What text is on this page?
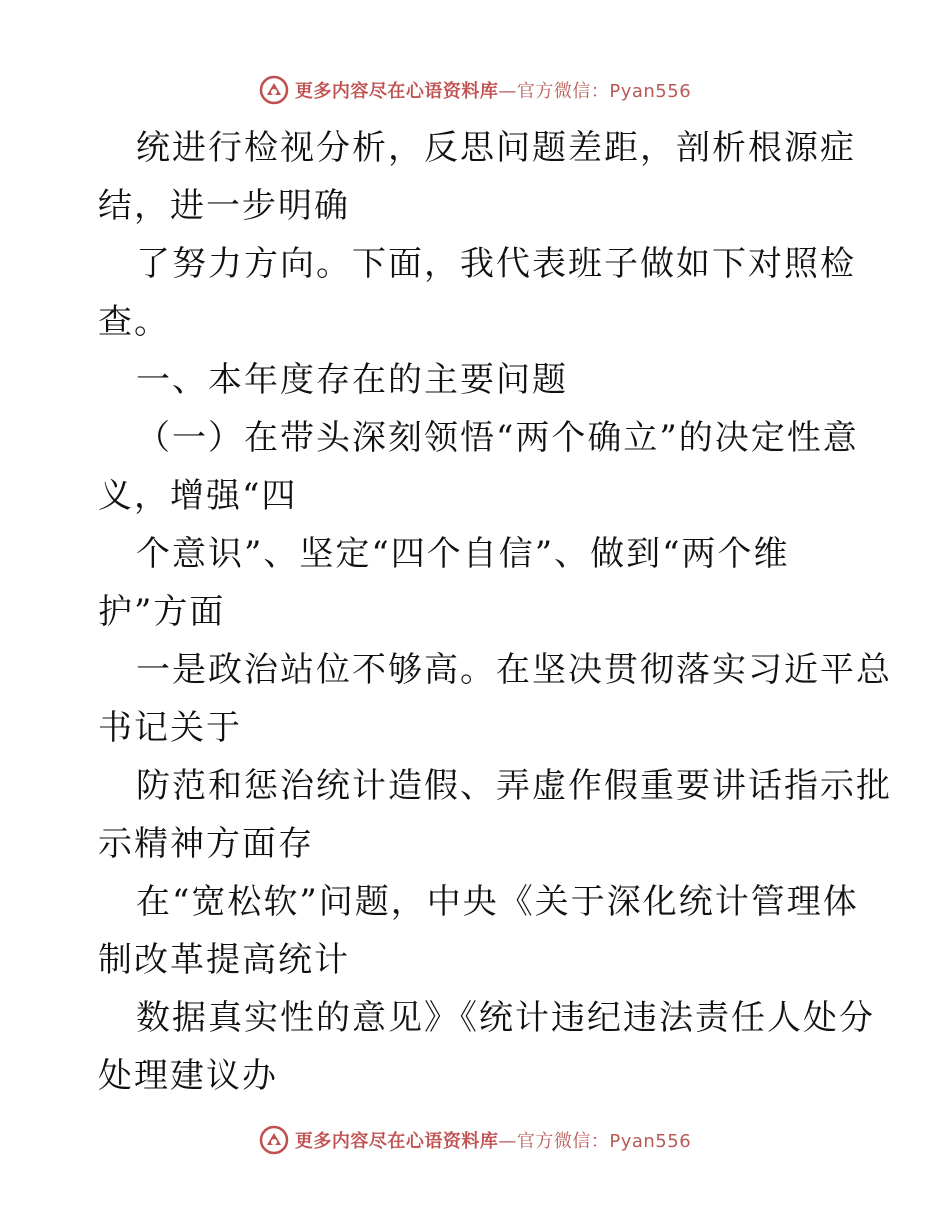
更多内容尽在心语资料库—官方微信：Pyan556
统进行检视分析，反思问题差距，剖析根源症
结，进一步明确
了努力方向。下面，我代表班子做如下对照检
查。
一、本年度存在的主要问题
（一）在带头深刻领悟“两个确立”的决定性意
义，增强“四
个意识”、坚定“四个自信”、做到“两个维
护”方面
一是政治站位不够高。在坚决贯彻落实习近平总
书记关于
防范和惩治统计造假、弄虚作假重要讲话指示批
示精神方面存
在“宽松软”问题，中央《关于深化统计管理体
制改革提高统计
数据真实性的意见》《统计违纪违法责任人处分
处理建议办
更多内容尽在心语资料库—官方微信：Pyan556
